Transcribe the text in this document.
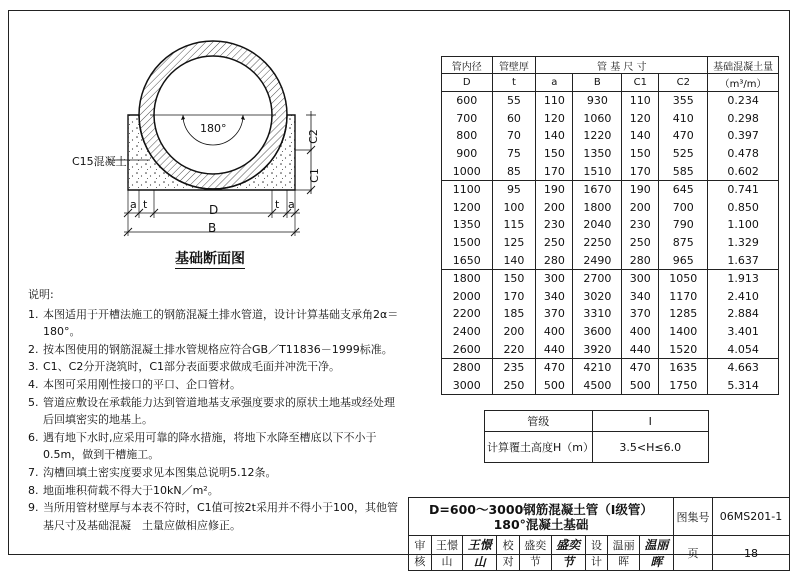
180°
C15混凝土
C2
C1
a t	D	t a
B
基础断面图
说明:
1. 本图适用于开槽法施工的钢筋混凝土排水管道，设计计算基础支承角2α＝180°。
2. 按本图使用的钢筋混凝土排水管规格应符合GB／T11836－1999标准。
3. C1、C2分开浇筑时，C1部分表面要求做成毛面并冲洗干净。
4. 本图可采用刚性接口的平口、企口管材。
5. 管道应敷设在承载能力达到管道地基支承强度要求的原状土地基或经处理后回填密实的地基上。
6. 遇有地下水时,应采用可靠的降水措施，将地下水降至槽底以下不小于0.5m，做到干槽施工。
7. 沟槽回填土密实度要求见本图集总说明5.12条。
8. 地面堆积荷载不得大于10kN／m²。
9. 当所用管材壁厚与本表不符时，C1值可按2t采用并不得小于100，其他管基尺寸及基础混凝　土量应做相应修正。
管内径	管壁厚	管 基 尺 寸				基础混凝土量
D	t	a	B	C1	C2	（m³/m）
600	55	110	930	110	355	0.234
700	60	120	1060	120	410	0.298
800	70	140	1220	140	470	0.397
900	75	150	1350	150	525	0.478
1000	85	170	1510	170	585	0.602
1100	95	190	1670	190	645	0.741
1200	100	200	1800	200	700	0.850
1350	115	230	2040	230	790	1.100
1500	125	250	2250	250	875	1.329
1650	140	280	2490	280	965	1.637
1800	150	300	2700	300	1050	1.913
2000	170	340	3020	340	1170	2.410
2200	185	370	3310	370	1285	2.884
2400	200	400	3600	400	1400	3.401
2600	220	440	3920	440	1520	4.054
2800	235	470	4210	470	1635	4.663
3000	250	500	4500	500	1750	5.314
管级	I
计算覆土高度H（m）	3.5<H≤6.0
D=600～3000钢筋混凝土管（I级管）
180°混凝土基础									图集号	06MS201-1
审核	王憬山	王憬山	校对	盛奕节	盛奕节	设计	温丽晖	温丽晖	页	18
